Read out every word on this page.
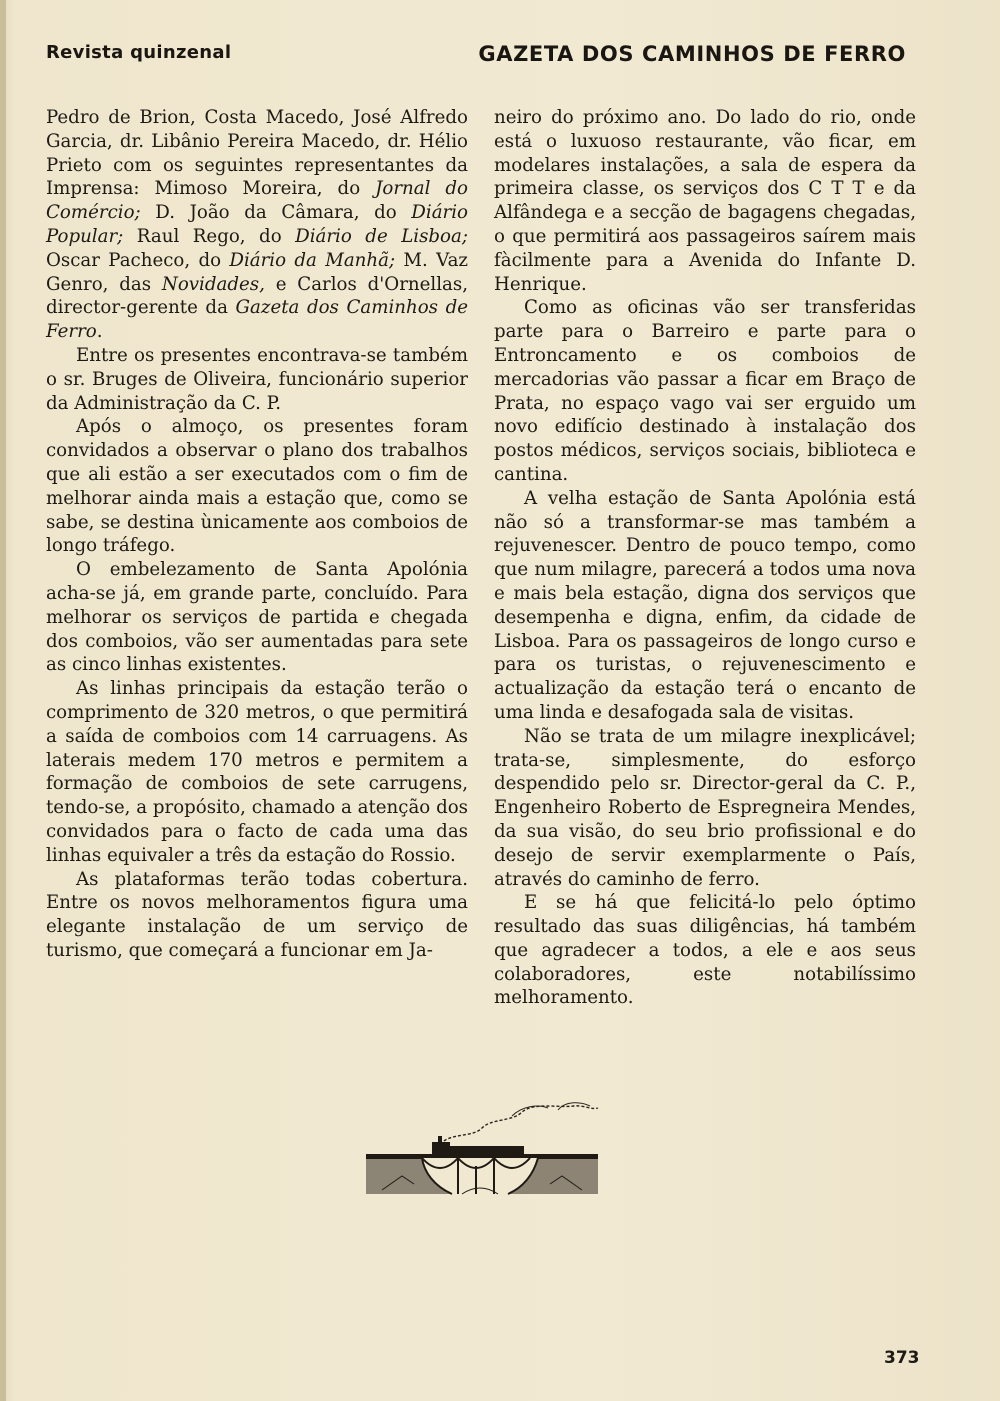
Revista quinzenal	GAZETA DOS CAMINHOS DE FERRO

Pedro de Brion, Costa Macedo, José Alfredo Garcia, dr. Libânio Pereira Macedo, dr. Hélio Prieto com os seguintes representantes da Imprensa: Mimoso Moreira, do Jornal do Comércio; D. João da Câmara, do Diário Popular; Raul Rego, do Diário de Lisboa; Oscar Pacheco, do Diário da Manhã; M. Vaz Genro, das Novidades, e Carlos d'Ornellas, director-gerente da Gazeta dos Caminhos de Ferro.

Entre os presentes encontrava-se também o sr. Bruges de Oliveira, funcionário superior da Administração da C. P.

Após o almoço, os presentes foram convidados a observar o plano dos trabalhos que ali estão a ser executados com o fim de melhorar ainda mais a estação que, como se sabe, se destina ùnicamente aos comboios de longo tráfego.

O embelezamento de Santa Apolónia acha-se já, em grande parte, concluído. Para melhorar os serviços de partida e chegada dos comboios, vão ser aumentadas para sete as cinco linhas existentes.

As linhas principais da estação terão o comprimento de 320 metros, o que permitirá a saída de comboios com 14 carruagens. As laterais medem 170 metros e permitem a formação de comboios de sete carrugens, tendo-se, a propósito, chamado a atenção dos convidados para o facto de cada uma das linhas equivaler a três da estação do Rossio.

As plataformas terão todas cobertura. Entre os novos melhoramentos figura uma elegante instalação de um serviço de turismo, que começará a funcionar em Ja-

neiro do próximo ano. Do lado do rio, onde está o luxuoso restaurante, vão ficar, em modelares instalações, a sala de espera da primeira classe, os serviços dos C T T e da Alfândega e a secção de bagagens chegadas, o que permitirá aos passageiros saírem mais fàcilmente para a Avenida do Infante D. Henrique.

Como as oficinas vão ser transferidas parte para o Barreiro e parte para o Entroncamento e os comboios de mercadorias vão passar a ficar em Braço de Prata, no espaço vago vai ser erguido um novo edifício destinado à instalação dos postos médicos, serviços sociais, biblioteca e cantina.

A velha estação de Santa Apolónia está não só a transformar-se mas também a rejuvenescer. Dentro de pouco tempo, como que num milagre, parecerá a todos uma nova e mais bela estação, digna dos serviços que desempenha e digna, enfim, da cidade de Lisboa. Para os passageiros de longo curso e para os turistas, o rejuvenescimento e actualização da estação terá o encanto de uma linda e desafogada sala de visitas.

Não se trata de um milagre inexplicável; trata-se, simplesmente, do esforço despendido pelo sr. Director-geral da C. P., Engenheiro Roberto de Espregneira Mendes, da sua visão, do seu brio profissional e do desejo de servir exemplarmente o País, através do caminho de ferro.

E se há que felicitá-lo pelo óptimo resultado das suas diligências, há também que agradecer a todos, a ele e aos seus colaboradores, este notabilíssimo melhoramento.

373
